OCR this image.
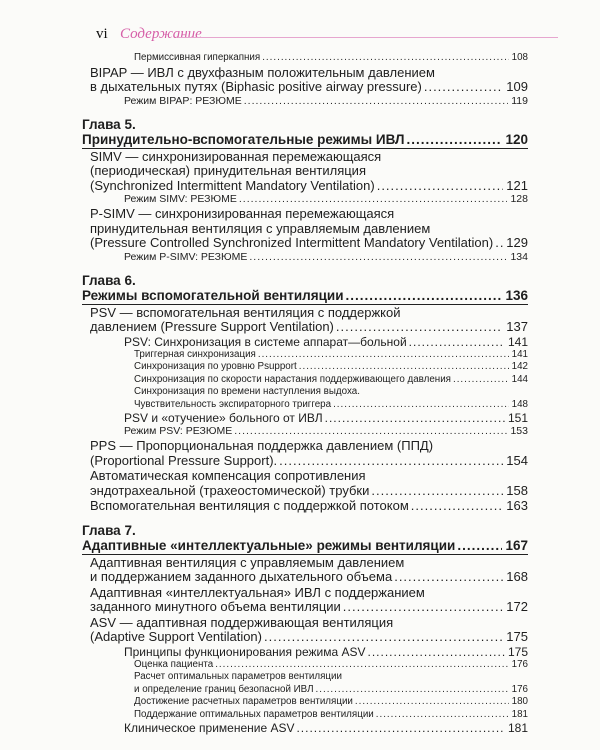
vi Содержание
Пермиссивная гиперкапния .....	108
BIPAP — ИВЛ с двухфазным положительным давлением
в дыхательных путях (Biphasic positive airway pressure) .....	109
Режим BIPAP: РЕЗЮМЕ .....	119
Глава 5.
Принудительно-вспомогательные режимы ИВЛ .....	120
SIMV — синхронизированная перемежающаяся
(периодическая) принудительная вентиляция
(Synchronized Intermittent Mandatory Ventilation) .....	121
Режим SIMV: РЕЗЮМЕ .....	128
P-SIMV — синхронизированная перемежающаяся
принудительная вентиляция с управляемым давлением
(Pressure Controlled Synchronized Intermittent Mandatory Ventilation) ..... 129
Режим P-SIMV: РЕЗЮМЕ .....	134
Глава 6.
Режимы вспомогательной вентиляции .....	136
PSV — вспомогательная вентиляция с поддержкой
давлением (Pressure Support Ventilation) .....	137
PSV: Синхронизация в системе аппарат—больной .....	141
Триггерная синхронизация .....	141
Синхронизация по уровню Psupport .....	142
Синхронизация по скорости нарастания поддерживающего давления .....	144
Синхронизация по времени наступления выдоха.
Чувствительность экспираторного триггера .....	148
PSV и «отучение» больного от ИВЛ .....	151
Режим PSV: РЕЗЮМЕ .....	153
PPS — Пропорциональная поддержка давлением (ППД)
(Proportional Pressure Support). .....	154
Автоматическая компенсация сопротивления
эндотрахеальной (трахеостомической) трубки .....	158
Вспомогательная вентиляция с поддержкой потоком .....	163
Глава 7.
Адаптивные «интеллектуальные» режимы вентиляции .....	167
Адаптивная вентиляция с управляемым давлением
и поддержанием заданного дыхательного объема .....	168
Адаптивная «интеллектуальная» ИВЛ с поддержанием
заданного минутного объема вентиляции .....	172
ASV — адаптивная поддерживающая вентиляция
(Adaptive Support Ventilation) .....	175
Принципы функционирования режима ASV .....	175
Оценка пациента .....	176
Расчет оптимальных параметров вентиляции
и определение границ безопасной ИВЛ .....	176
Достижение расчетных параметров вентиляции .....	180
Поддержание оптимальных параметров вентиляции .....	181
Клиническое применение ASV .....	181
